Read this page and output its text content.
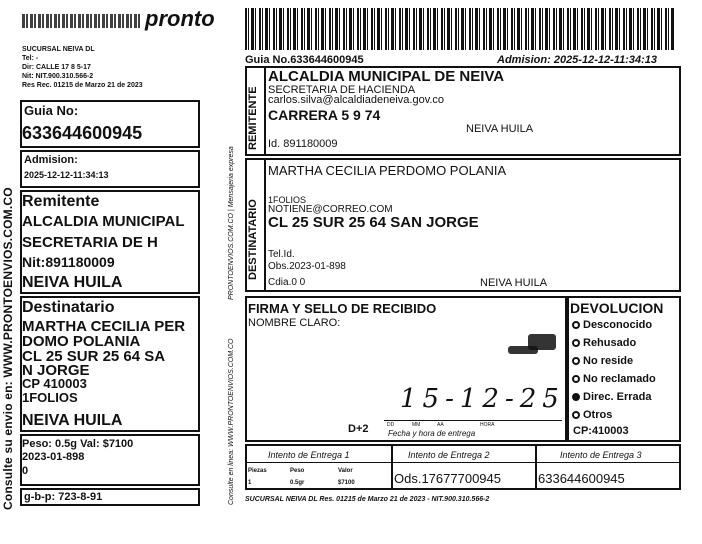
Consulte su envio en: WWW.PRONTOENVIOS.COM.CO
pronto
SUCURSAL NEIVA DL
Tel: -
Dir: CALLE 17 8 5-17
Nit: NIT.900.310.566-2
Res Rec. 01215 de Marzo 21 de 2023
Guia No:
633644600945
Admision:
2025-12-12-11:34:13
Remitente
ALCALDIA MUNICIPAL
SECRETARIA DE H
Nit:891180009
NEIVA HUILA
Destinatario
MARTHA CECILIA PER
DOMO POLANIA
CL 25 SUR 25 64 SA
N JORGE
CP 410003
1FOLIOS
NEIVA HUILA
Peso: 0.5g Val: $7100
2023-01-898
0
g-b-p: 723-8-91
PRONTOENVIOS.COM.CO | Mensajeria expresa
Consulte en linea: WWW.PRONTOENVIOS.COM.CO
Guia No.633644600945	Admision: 2025-12-12-11:34:13
REMITENTE
ALCALDIA MUNICIPAL DE NEIVA
SECRETARIA DE HACIENDA
carlos.silva@alcaldiadeneiva.gov.co
CARRERA 5 9 74
NEIVA HUILA
Id. 891180009
DESTINATARIO
MARTHA CECILIA PERDOMO POLANIA
1FOLIOS
NOTIENE@CORREO.COM
CL 25 SUR 25 64 SAN JORGE
Tel.Id.
Obs.2023-01-898
Cdia.0 0	NEIVA HUILA
FIRMA Y SELLO DE RECIBIDO
NOMBRE CLARO:
15-12-25
D+2	DD	MM	AA	HORA
Fecha y hora de entrega
DEVOLUCION
Desconocido
Rehusado
No reside
No reclamado
Direc. Errada
Otros
CP:410003
Intento de Entrega 1	Intento de Entrega 2	Intento de Entrega 3
Piezas	Peso	Valor
1	0.5gr	$7100	Ods.17677700945	633644600945
SUCURSAL NEIVA DL Res. 01215 de Marzo 21 de 2023 - NIT.900.310.566-2
